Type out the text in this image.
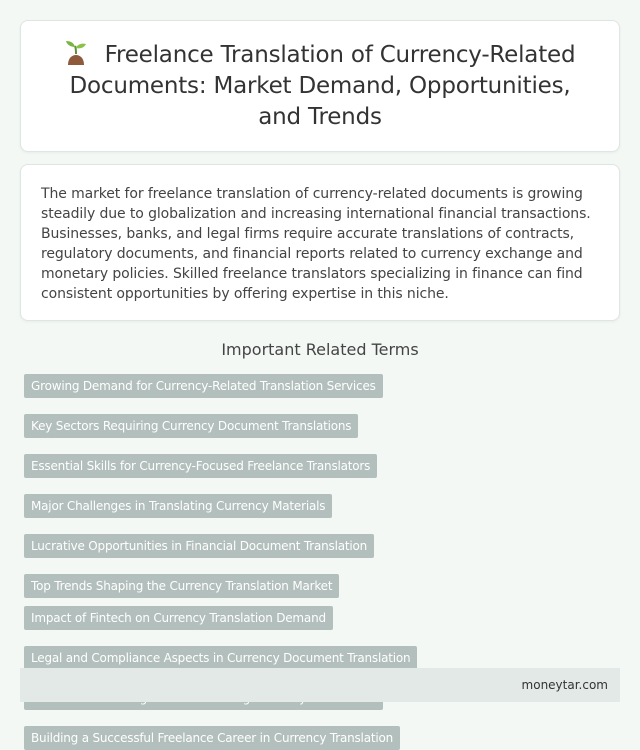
Freelance Translation of Currency-Related Documents: Market Demand, Opportunities, and Trends

The market for freelance translation of currency-related documents is growing steadily due to globalization and increasing international financial transactions. Businesses, banks, and legal firms require accurate translations of contracts, regulatory documents, and financial reports related to currency exchange and monetary policies. Skilled freelance translators specializing in finance can find consistent opportunities by offering expertise in this niche.

Important Related Terms
Growing Demand for Currency-Related Translation Services
Key Sectors Requiring Currency Document Translations
Essential Skills for Currency-Focused Freelance Translators
Major Challenges in Translating Currency Materials
Lucrative Opportunities in Financial Document Translation
Top Trends Shaping the Currency Translation Market
Impact of Fintech on Currency Translation Demand
Legal and Compliance Aspects in Currency Document Translation
Building a Successful Freelance Career in Currency Translation
moneytar.com
